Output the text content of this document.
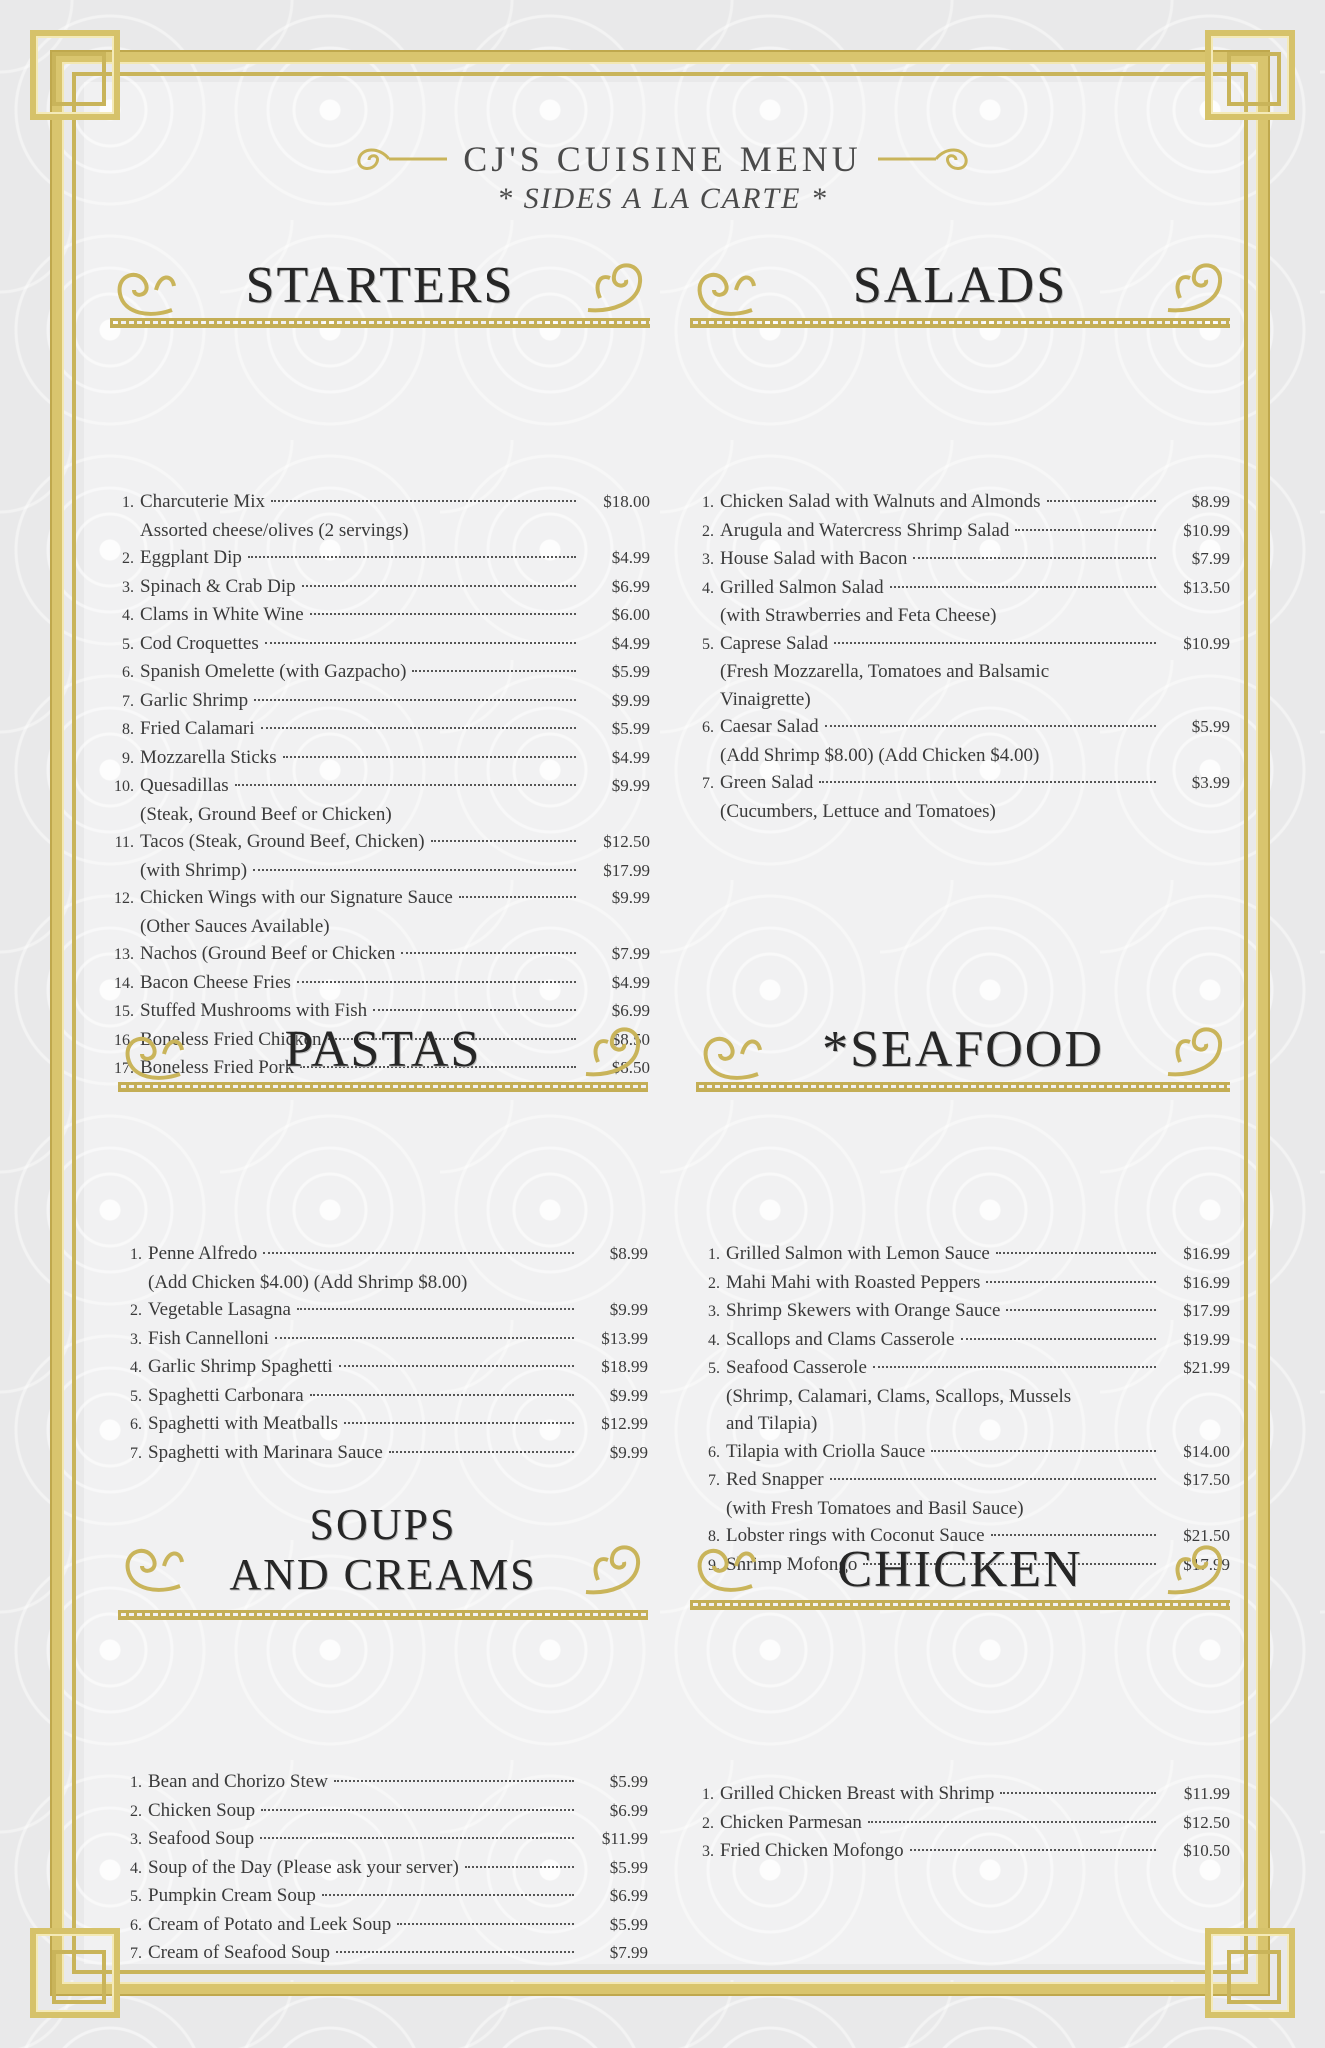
CJ'S CUISINE MENU
* SIDES A LA CARTE *
STARTERS
1. Charcuterie Mix	$18.00
Assorted cheese/olives (2 servings)
2. Eggplant Dip	$4.99
3. Spinach & Crab Dip	$6.99
4. Clams in White Wine	$6.00
5. Cod Croquettes	$4.99
6. Spanish Omelette (with Gazpacho)	$5.99
7. Garlic Shrimp	$9.99
8. Fried Calamari	$5.99
9. Mozzarella Sticks	$4.99
10. Quesadillas	$9.99
(Steak, Ground Beef or Chicken)
11. Tacos (Steak, Ground Beef, Chicken)	$12.50
(with Shrimp)	$17.99
12. Chicken Wings with our Signature Sauce	$9.99
(Other Sauces Available)
13. Nachos (Ground Beef or Chicken	$7.99
14. Bacon Cheese Fries	$4.99
15. Stuffed Mushrooms with Fish	$6.99
16. Boneless Fried Chicken	$8.50
17. Boneless Fried Pork	$8.50
SALADS
1. Chicken Salad with Walnuts and Almonds	$8.99
2. Arugula and Watercress Shrimp Salad	$10.99
3. House Salad with Bacon	$7.99
4. Grilled Salmon Salad	$13.50
(with Strawberries and Feta Cheese)
5. Caprese Salad	$10.99
(Fresh Mozzarella, Tomatoes and Balsamic
Vinaigrette)
6. Caesar Salad	$5.99
(Add Shrimp $8.00) (Add Chicken $4.00)
7. Green Salad	$3.99
(Cucumbers, Lettuce and Tomatoes)
PASTAS
1. Penne Alfredo	$8.99
(Add Chicken $4.00) (Add Shrimp $8.00)
2. Vegetable Lasagna	$9.99
3. Fish Cannelloni	$13.99
4. Garlic Shrimp Spaghetti	$18.99
5. Spaghetti Carbonara	$9.99
6. Spaghetti with Meatballs	$12.99
7. Spaghetti with Marinara Sauce	$9.99
*SEAFOOD
1. Grilled Salmon with Lemon Sauce	$16.99
2. Mahi Mahi with Roasted Peppers	$16.99
3. Shrimp Skewers with Orange Sauce	$17.99
4. Scallops and Clams Casserole	$19.99
5. Seafood Casserole	$21.99
(Shrimp, Calamari, Clams, Scallops, Mussels
and Tilapia)
6. Tilapia with Criolla Sauce	$14.00
7. Red Snapper	$17.50
(with Fresh Tomatoes and Basil Sauce)
8. Lobster rings with Coconut Sauce	$21.50
9. Shrimp Mofongo	$17.99
SOUPS
AND CREAMS
1. Bean and Chorizo Stew	$5.99
2. Chicken Soup	$6.99
3. Seafood Soup	$11.99
4. Soup of the Day (Please ask your server)	$5.99
5. Pumpkin Cream Soup	$6.99
6. Cream of Potato and Leek Soup	$5.99
7. Cream of Seafood Soup	$7.99
CHICKEN
1. Grilled Chicken Breast with Shrimp	$11.99
2. Chicken Parmesan	$12.50
3. Fried Chicken Mofongo	$10.50
